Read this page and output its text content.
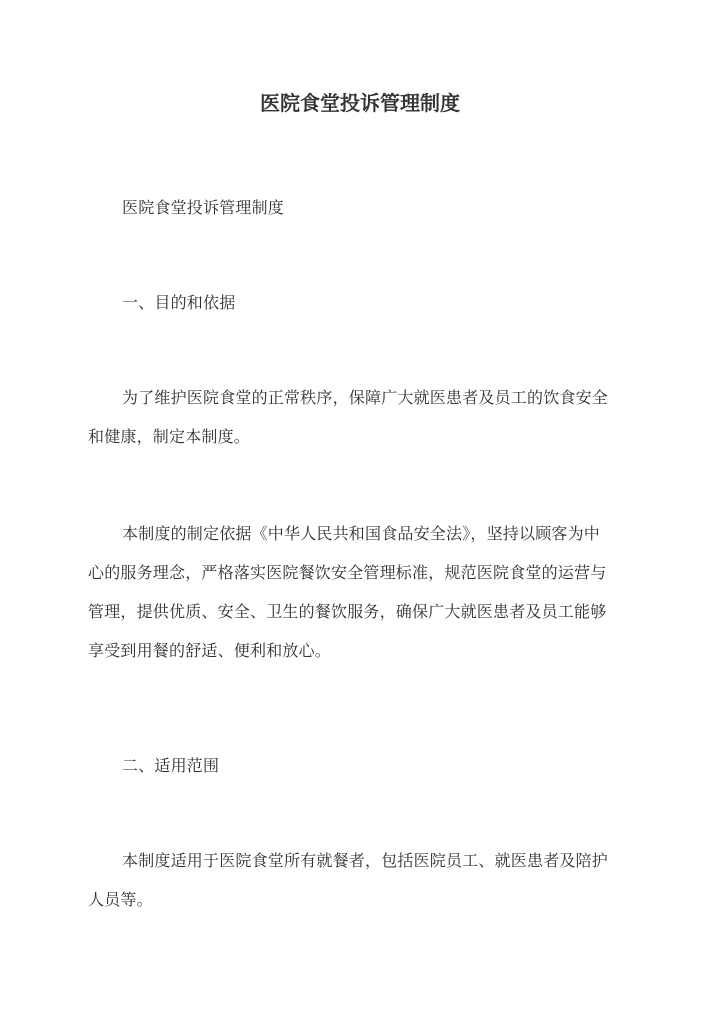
医院食堂投诉管理制度

医院食堂投诉管理制度

一、目的和依据

为了维护医院食堂的正常秩序，保障广大就医患者及员工的饮食安全
和健康，制定本制度。

本制度的制定依据《中华人民共和国食品安全法》，坚持以顾客为中
心的服务理念，严格落实医院餐饮安全管理标准，规范医院食堂的运营与
管理，提供优质、安全、卫生的餐饮服务，确保广大就医患者及员工能够
享受到用餐的舒适、便利和放心。

二、适用范围

本制度适用于医院食堂所有就餐者，包括医院员工、就医患者及陪护
人员等。
